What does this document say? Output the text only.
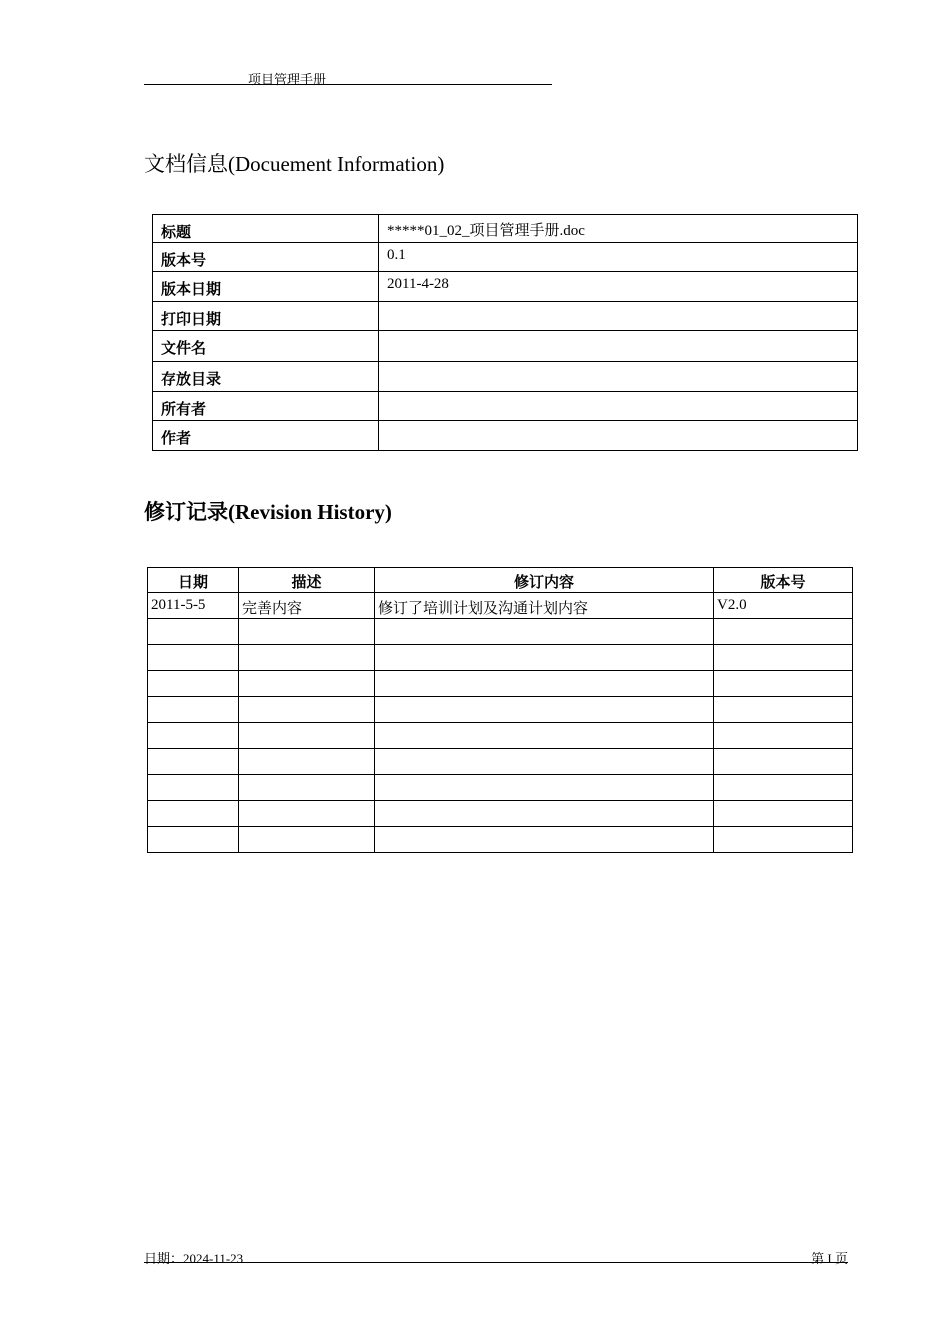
项目管理手册	_
文档信息(Docuement Information)
标题	*****01_02_项目管理手册.doc
版本号	0.1
版本日期	2011-4-28
打印日期	
文件名	
存放目录	
所有者	
作者	
修订记录(Revision History)
日期	描述	修订内容	版本号
2011-5-5	完善内容	修订了培训计划及沟通计划内容	V2.0

日期：2024-11-23	第 I 页
